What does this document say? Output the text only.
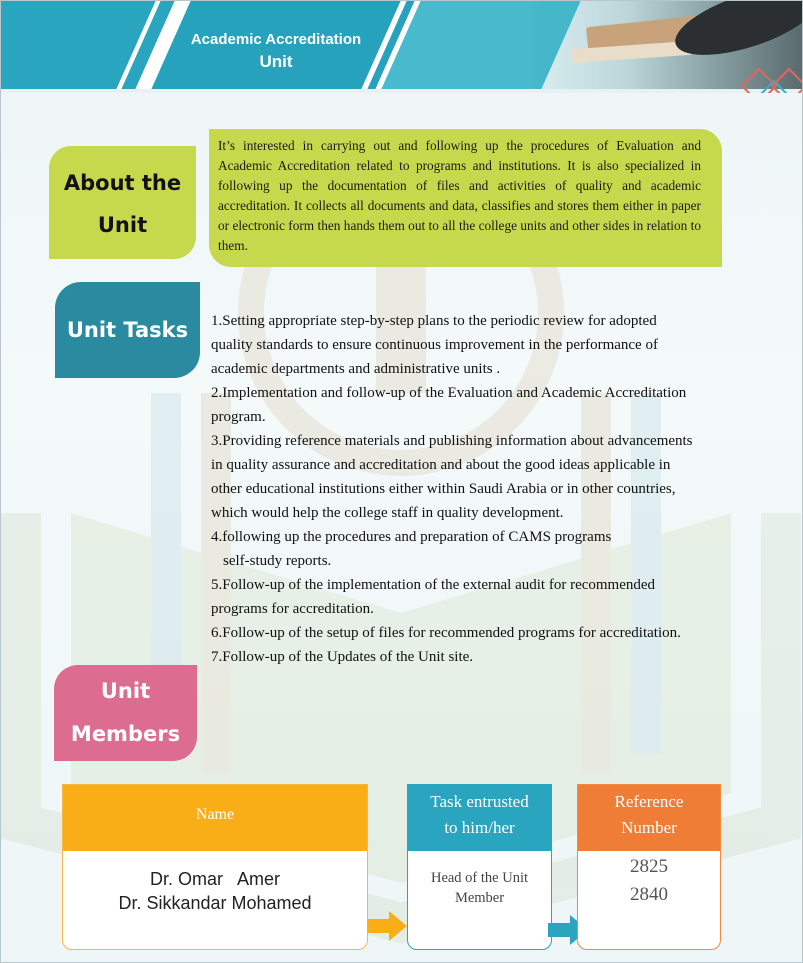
Academic Accreditation
Unit
About the
Unit

It’s interested in carrying out and following up the procedures of Evaluation and Academic Accreditation related to programs and institutions. It is also specialized in following up the documentation of files and activities of quality and academic accreditation. It collects all documents and data, classifies and stores them either in paper or electronic form then hands them out to all the college units and other sides in relation to them.

Unit Tasks	1.Setting appropriate step-by-step plans to the periodic review for adopted

quality standards to ensure continuous improvement in the performance of

academic departments and administrative units .

2.Implementation and follow-up of the Evaluation and Academic Accreditation

program.

3.Providing reference materials and publishing information about advancements

in quality assurance and accreditation and about the good ideas applicable in

other educational institutions either within Saudi Arabia or in other countries,

which would help the college staff in quality development.

4.following up the procedures and preparation of CAMS programs

self-study reports.

5.Follow-up of the implementation of the external audit for recommended

programs for accreditation.

6.Follow-up of the setup of files for recommended programs for accreditation.

7.Follow-up of the Updates of the Unit site.

Unit
Members
Name
Dr. Omar   Amer
Dr. Sikkandar Mohamed
Task entrusted
to him/her
Head of the Unit
Member
Reference
Number
2825
2840
